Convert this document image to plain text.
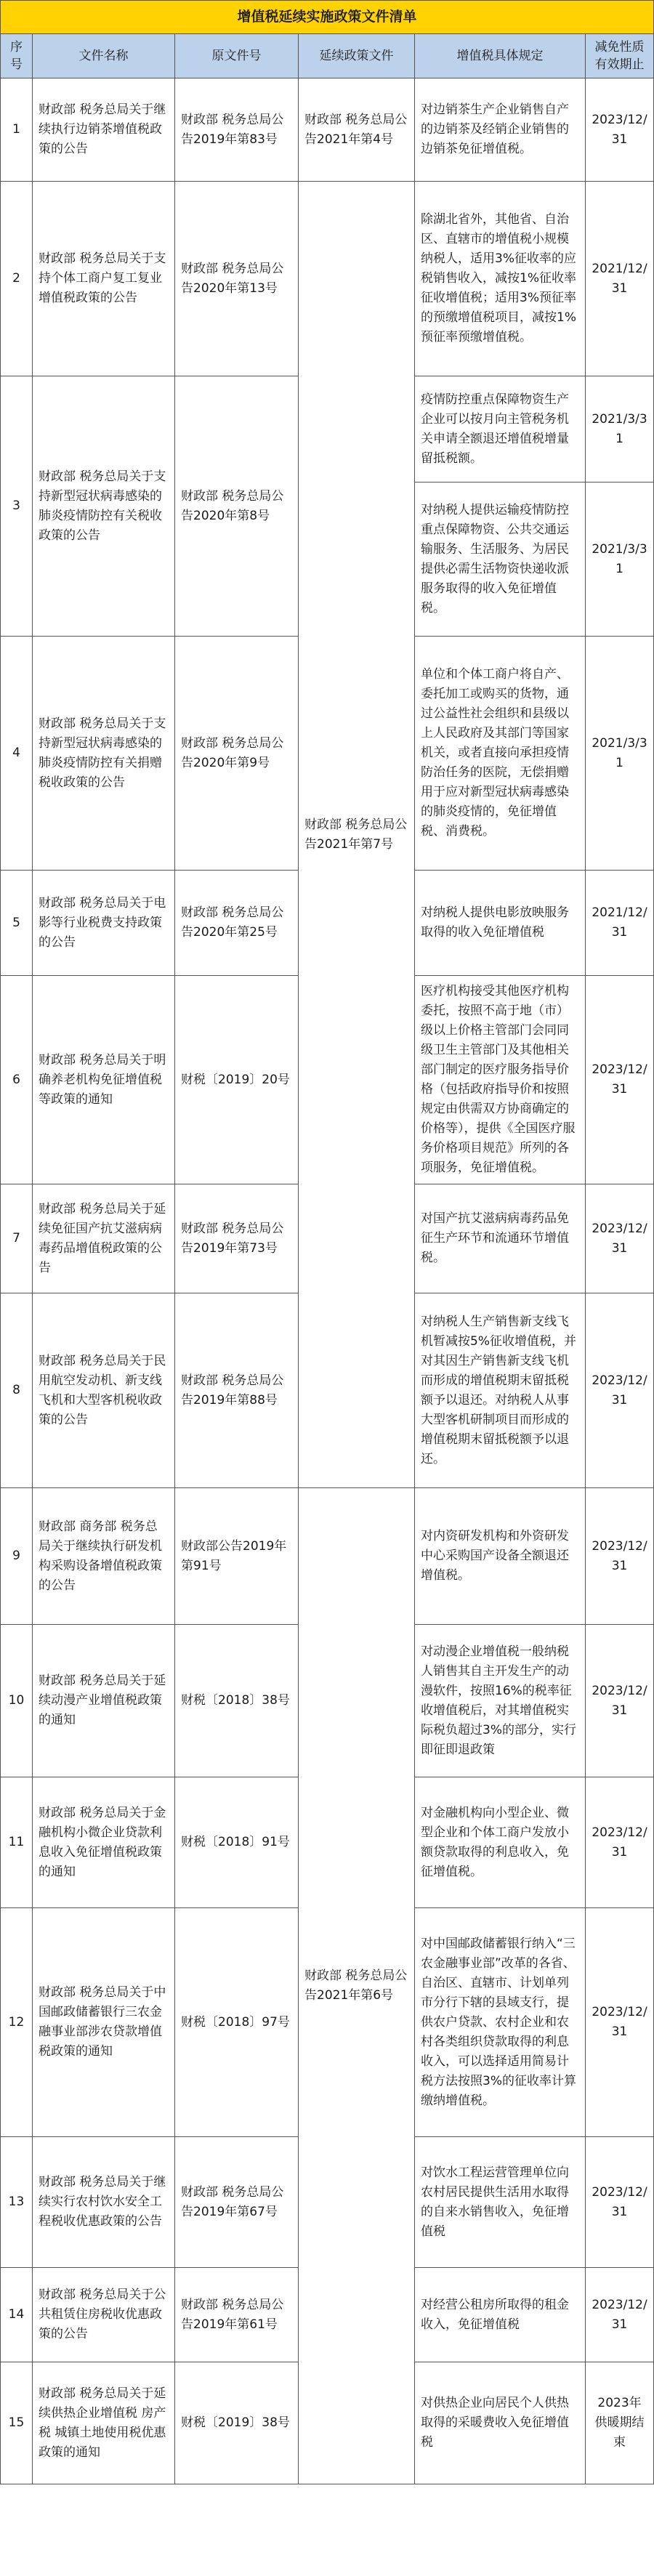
增值税延续实施政策文件清单					
序号	文件名称	原文件号	延续政策文件	增值税具体规定	减免性质有效期止
1	财政部 税务总局关于继续执行边销茶增值税政策的公告	财政部 税务总局公告2019年第83号	财政部 税务总局公告2021年第4号	对边销茶生产企业销售自产的边销茶及经销企业销售的边销茶免征增值税。	2023/12/31
2	财政部 税务总局关于支持个体工商户复工复业增值税政策的公告	财政部 税务总局公告2020年第13号	财政部 税务总局公告2021年第7号	除湖北省外，其他省、自治区、直辖市的增值税小规模纳税人，适用3%征收率的应税销售收入，减按1%征收率征收增值税；适用3%预征率的预缴增值税项目，减按1%预征率预缴增值税。	2021/12/31
3	财政部 税务总局关于支持新型冠状病毒感染的肺炎疫情防控有关税收政策的公告	财政部 税务总局公告2020年第8号		疫情防控重点保障物资生产企业可以按月向主管税务机关申请全额退还增值税增量留抵税额。	2021/3/31
				对纳税人提供运输疫情防控重点保障物资、公共交通运输服务、生活服务、为居民提供必需生活物资快递收派服务取得的收入免征增值税。	2021/3/31
4	财政部 税务总局关于支持新型冠状病毒感染的肺炎疫情防控有关捐赠税收政策的公告	财政部 税务总局公告2020年第9号		单位和个体工商户将自产、委托加工或购买的货物，通过公益性社会组织和县级以上人民政府及其部门等国家机关，或者直接向承担疫情防治任务的医院，无偿捐赠用于应对新型冠状病毒感染的肺炎疫情的，免征增值税、消费税。	2021/3/31
5	财政部 税务总局关于电影等行业税费支持政策的公告	财政部 税务总局公告2020年第25号		对纳税人提供电影放映服务取得的收入免征增值税	2021/12/31
6	财政部 税务总局关于明确养老机构免征增值税等政策的通知	财税〔2019〕20号		医疗机构接受其他医疗机构委托，按照不高于地（市）级以上价格主管部门会同同级卫生主管部门及其他相关部门制定的医疗服务指导价格（包括政府指导价和按照规定由供需双方协商确定的价格等），提供《全国医疗服务价格项目规范》所列的各项服务，免征增值税。	2023/12/31
7	财政部 税务总局关于延续免征国产抗艾滋病病毒药品增值税政策的公告	财政部 税务总局公告2019年第73号		对国产抗艾滋病病毒药品免征生产环节和流通环节增值税。	2023/12/31
8	财政部 税务总局关于民用航空发动机、新支线飞机和大型客机税收政策的公告	财政部 税务总局公告2019年第88号		对纳税人生产销售新支线飞机暂减按5%征收增值税，并对其因生产销售新支线飞机而形成的增值税期末留抵税额予以退还。对纳税人从事大型客机研制项目而形成的增值税期末留抵税额予以退还。	2023/12/31
9	财政部 商务部 税务总局关于继续执行研发机构采购设备增值税政策的公告	财政部公告2019年第91号	财政部 税务总局公告2021年第6号	对内资研发机构和外资研发中心采购国产设备全额退还增值税。	2023/12/31
10	财政部 税务总局关于延续动漫产业增值税政策的通知	财税〔2018〕38号		对动漫企业增值税一般纳税人销售其自主开发生产的动漫软件，按照16%的税率征收增值税后，对其增值税实际税负超过3%的部分，实行即征即退政策	2023/12/31
11	财政部 税务总局关于金融机构小微企业贷款利息收入免征增值税政策的通知	财税〔2018〕91号		对金融机构向小型企业、微型企业和个体工商户发放小额贷款取得的利息收入，免征增值税。	2023/12/31
12	财政部 税务总局关于中国邮政储蓄银行三农金融事业部涉农贷款增值税政策的通知	财税〔2018〕97号		对中国邮政储蓄银行纳入“三农金融事业部”改革的各省、自治区、直辖市、计划单列市分行下辖的县域支行，提供农户贷款、农村企业和农村各类组织贷款取得的利息收入，可以选择适用简易计税方法按照3%的征收率计算缴纳增值税。	2023/12/31
13	财政部 税务总局关于继续实行农村饮水安全工程税收优惠政策的公告	财政部 税务总局公告2019年第67号		对饮水工程运营管理单位向农村居民提供生活用水取得的自来水销售收入，免征增值税	2023/12/31
14	财政部 税务总局关于公共租赁住房税收优惠政策的公告	财政部 税务总局公告2019年第61号		对经营公租房所取得的租金收入，免征增值税	2023/12/31
15	财政部 税务总局关于延续供热企业增值税 房产税 城镇土地使用税优惠政策的通知	财税〔2019〕38号		对供热企业向居民个人供热取得的采暖费收入免征增值税	2023年供暖期结束
